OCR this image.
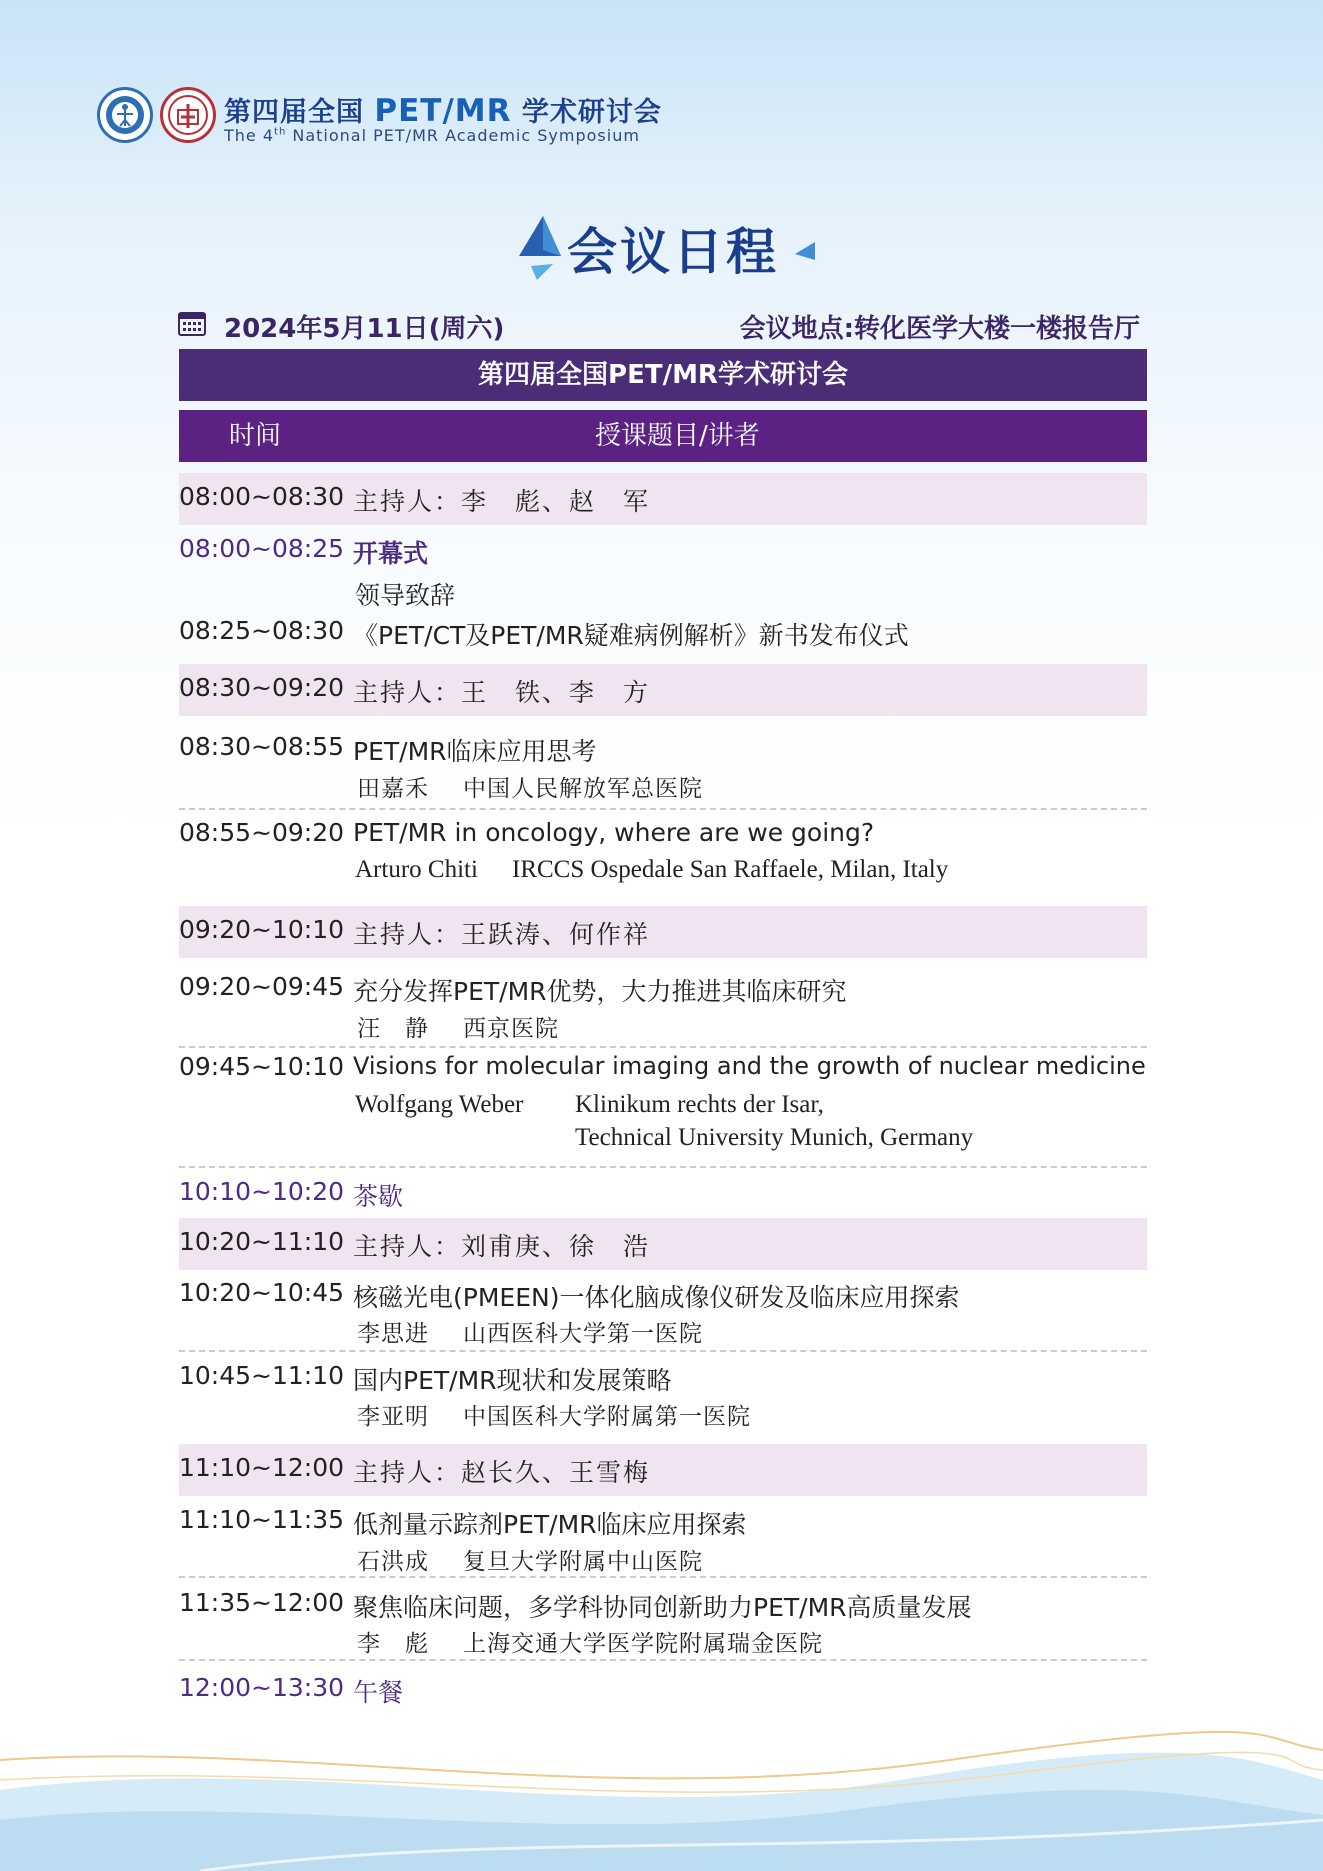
第四届全国 PET/MR 学术研讨会
The 4th National PET/MR Academic Symposium
会议日程
2024年5月11日(周六)	会议地点:转化医学大楼一楼报告厅
第四届全国PET/MR学术研讨会
时间	授课题目/讲者
08:00~08:30 主持人：李　彪、赵　军
08:00~08:25 开幕式
领导致辞
08:25~08:30 《PET/CT及PET/MR疑难病例解析》新书发布仪式
08:30~09:20 主持人：王　铁、李　方
08:30~08:55 PET/MR临床应用思考
田嘉禾 中国人民解放军总医院
08:55~09:20 PET/MR in oncology, where are we going?
Arturo Chiti IRCCS Ospedale San Raffaele, Milan, Italy
09:20~10:10 主持人：王跃涛、何作祥
09:20~09:45 充分发挥PET/MR优势，大力推进其临床研究
汪　静 西京医院
09:45~10:10 Visions for molecular imaging and the growth of nuclear medicine
Wolfgang Weber Klinikum rechts der Isar,
Technical University Munich, Germany
10:10~10:20 茶歇
10:20~11:10 主持人：刘甫庚、徐　浩
10:20~10:45 核磁光电(PMEEN)一体化脑成像仪研发及临床应用探索
李思进 山西医科大学第一医院
10:45~11:10 国内PET/MR现状和发展策略
李亚明 中国医科大学附属第一医院
11:10~12:00 主持人：赵长久、王雪梅
11:10~11:35 低剂量示踪剂PET/MR临床应用探索
石洪成 复旦大学附属中山医院
11:35~12:00 聚焦临床问题，多学科协同创新助力PET/MR高质量发展
李　彪 上海交通大学医学院附属瑞金医院
12:00~13:30 午餐
